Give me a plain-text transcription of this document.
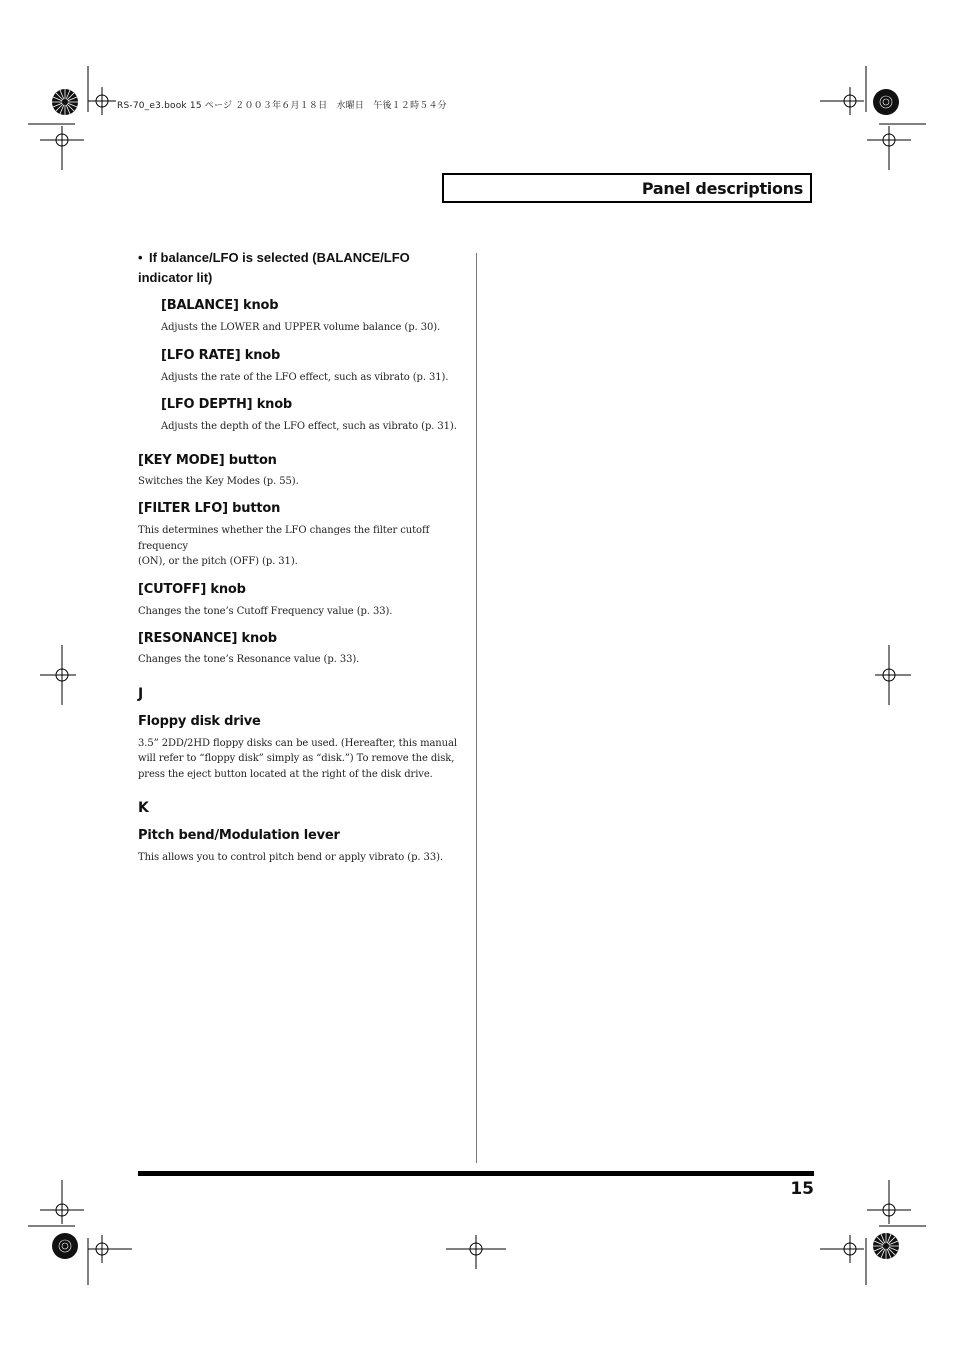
RS-70_e3.book 15 ページ ２００３年６月１８日　水曜日　午後１２時５４分
Panel descriptions

• If balance/LFO is selected (BALANCE/LFO
indicator lit)

[BALANCE] knob

Adjusts the LOWER and UPPER volume balance (p. 30).

[LFO RATE] knob

Adjusts the rate of the LFO effect, such as vibrato (p. 31).

[LFO DEPTH] knob

Adjusts the depth of the LFO effect, such as vibrato (p. 31).

[KEY MODE] button

Switches the Key Modes (p. 55).

[FILTER LFO] button

This determines whether the LFO changes the filter cutoff frequency
(ON), or the pitch (OFF) (p. 31).

[CUTOFF] knob

Changes the tone’s Cutoff Frequency value (p. 33).

[RESONANCE] knob

Changes the tone’s Resonance value (p. 33).

J

Floppy disk drive

3.5” 2DD/2HD floppy disks can be used. (Hereafter, this manual
will refer to “floppy disk” simply as “disk.”) To remove the disk,
press the eject button located at the right of the disk drive.

K

Pitch bend/Modulation lever

This allows you to control pitch bend or apply vibrato (p. 33).

15
